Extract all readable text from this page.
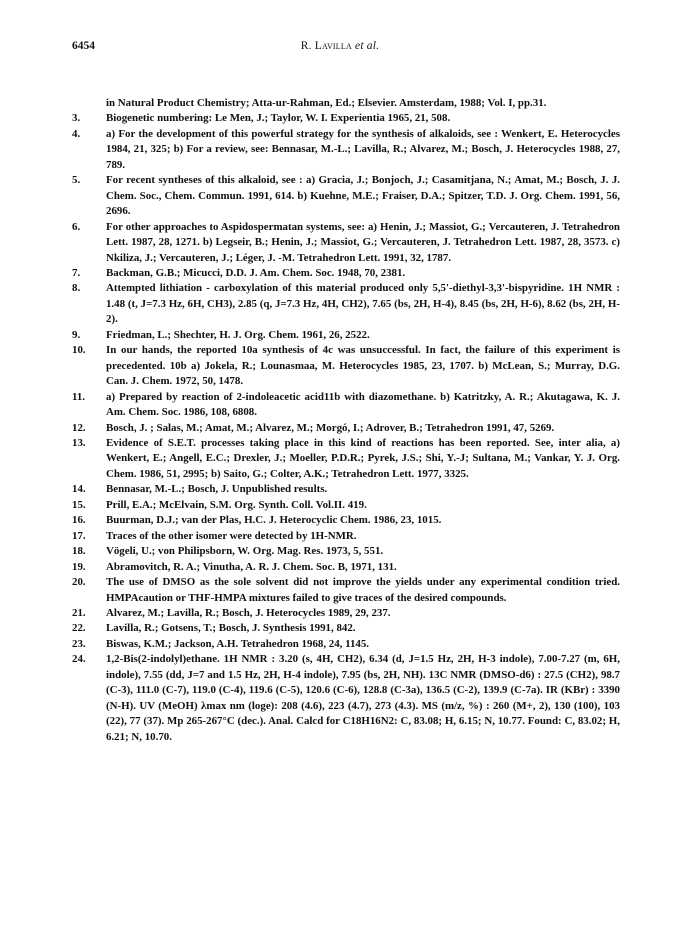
6454	R. Lavilla et al.
in Natural Product Chemistry; Atta-ur-Rahman, Ed.; Elsevier. Amsterdam, 1988; Vol. I, pp.31.
3.	Biogenetic numbering: Le Men, J.; Taylor, W. I. Experientia 1965, 21, 508.
4.	a) For the development of this powerful strategy for the synthesis of alkaloids, see : Wenkert, E. Heterocycles 1984, 21, 325; b) For a review, see: Bennasar, M.-L.; Lavilla, R.; Alvarez, M.; Bosch, J. Heterocycles 1988, 27, 789.
5.	For recent syntheses of this alkaloid, see : a) Gracia, J.; Bonjoch, J.; Casamitjana, N.; Amat, M.; Bosch, J. J. Chem. Soc., Chem. Commun. 1991, 614. b) Kuehne, M.E.; Fraiser, D.A.; Spitzer, T.D. J. Org. Chem. 1991, 56, 2696.
6.	For other approaches to Aspidospermatan systems, see: a) Henin, J.; Massiot, G.; Vercauteren, J. Tetrahedron Lett. 1987, 28, 1271. b) Legseir, B.; Henin, J.; Massiot, G.; Vercauteren, J. Tetrahedron Lett. 1987, 28, 3573. c) Nkiliza, J.; Vercauteren, J.; Léger, J. -M. Tetrahedron Lett. 1991, 32, 1787.
7.	Backman, G.B.; Micucci, D.D. J. Am. Chem. Soc. 1948, 70, 2381.
8.	Attempted lithiation - carboxylation of this material produced only 5,5'-diethyl-3,3'-bispyridine. 1H NMR : 1.48 (t, J=7.3 Hz, 6H, CH3), 2.85 (q, J=7.3 Hz, 4H, CH2), 7.65 (bs, 2H, H-4), 8.45 (bs, 2H, H-6), 8.62 (bs, 2H, H-2).
9.	Friedman, L.; Shechter, H. J. Org. Chem. 1961, 26, 2522.
10.	In our hands, the reported 10a synthesis of 4c was unsuccessful. In fact, the failure of this experiment is precedented. 10b a) Jokela, R.; Lounasmaa, M. Heterocycles 1985, 23, 1707. b) McLean, S.; Murray, D.G. Can. J. Chem. 1972, 50, 1478.
11.	a) Prepared by reaction of 2-indoleacetic acid11b with diazomethane. b) Katritzky, A. R.; Akutagawa, K. J. Am. Chem. Soc. 1986, 108, 6808.
12.	Bosch, J. ; Salas, M.; Amat, M.; Alvarez, M.; Morgó, I.; Adrover, B.; Tetrahedron 1991, 47, 5269.
13.	Evidence of S.E.T. processes taking place in this kind of reactions has been reported. See, inter alia, a) Wenkert, E.; Angell, E.C.; Drexler, J.; Moeller, P.D.R.; Pyrek, J.S.; Shi, Y.-J; Sultana, M.; Vankar, Y. J. Org. Chem. 1986, 51, 2995; b) Saito, G.; Colter, A.K.; Tetrahedron Lett. 1977, 3325.
14.	Bennasar, M.-L.; Bosch, J. Unpublished results.
15.	Prill, E.A.; McElvain, S.M. Org. Synth. Coll. Vol.II. 419.
16.	Buurman, D.J.; van der Plas, H.C. J. Heterocyclic Chem. 1986, 23, 1015.
17.	Traces of the other isomer were detected by 1H-NMR.
18.	Vögeli, U.; von Philipsborn, W. Org. Mag. Res. 1973, 5, 551.
19.	Abramovitch, R. A.; Vinutha, A. R. J. Chem. Soc. B, 1971, 131.
20.	The use of DMSO as the sole solvent did not improve the yields under any experimental condition tried. HMPAcaution or THF-HMPA mixtures failed to give traces of the desired compounds.
21.	Alvarez, M.; Lavilla, R.; Bosch, J. Heterocycles 1989, 29, 237.
22.	Lavilla, R.; Gotsens, T.; Bosch, J. Synthesis 1991, 842.
23.	Biswas, K.M.; Jackson, A.H. Tetrahedron 1968, 24, 1145.
24.	1,2-Bis(2-indolyl)ethane. 1H NMR : 3.20 (s, 4H, CH2), 6.34 (d, J=1.5 Hz, 2H, H-3 indole), 7.00-7.27 (m, 6H, indole), 7.55 (dd, J=7 and 1.5 Hz, 2H, H-4 indole), 7.95 (bs, 2H, NH). 13C NMR (DMSO-d6) : 27.5 (CH2), 98.7 (C-3), 111.0 (C-7), 119.0 (C-4), 119.6 (C-5), 120.6 (C-6), 128.8 (C-3a), 136.5 (C-2), 139.9 (C-7a). IR (KBr) : 3390 (N-H). UV (MeOH) λmax nm (loge): 208 (4.6), 223 (4.7), 273 (4.3). MS (m/z, %) : 260 (M+, 2), 130 (100), 103 (22), 77 (37). Mp 265-267°C (dec.). Anal. Calcd for C18H16N2: C, 83.08; H, 6.15; N, 10.77. Found: C, 83.02; H, 6.21; N, 10.70.
